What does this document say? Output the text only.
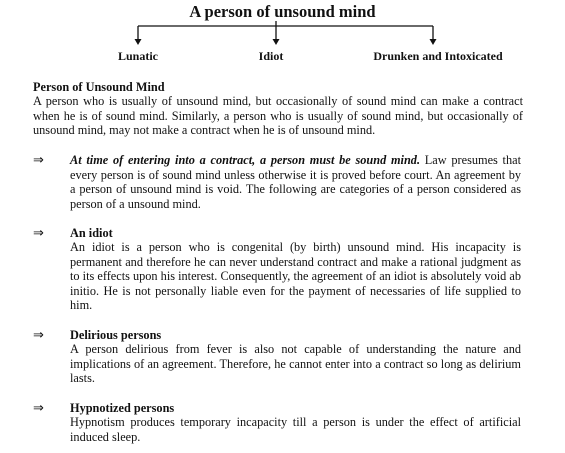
A person of unsound mind
Lunatic	Idiot	Drunken and Intoxicated
Person of Unsound Mind
A person who is usually of unsound mind, but occasionally of sound mind can make a contract when he is of sound mind. Similarly, a person who is usually of sound mind, but occasionally of unsound mind, may not make a contract when he is of unsound mind.
⇒ At time of entering into a contract, a person must be sound mind. Law presumes that every person is of sound mind unless otherwise it is proved before court. An agreement by a person of unsound mind is void. The following are categories of a person considered as person of a unsound mind.
⇒ An idiot
An idiot is a person who is congenital (by birth) unsound mind. His incapacity is permanent and therefore he can never understand contract and make a rational judgment as to its effects upon his interest. Consequently, the agreement of an idiot is absolutely void ab initio. He is not personally liable even for the payment of necessaries of life supplied to him.
⇒ Delirious persons
A person delirious from fever is also not capable of understanding the nature and implications of an agreement. Therefore, he cannot enter into a contract so long as delirium lasts.
⇒ Hypnotized persons
Hypnotism produces temporary incapacity till a person is under the effect of artificial induced sleep.
